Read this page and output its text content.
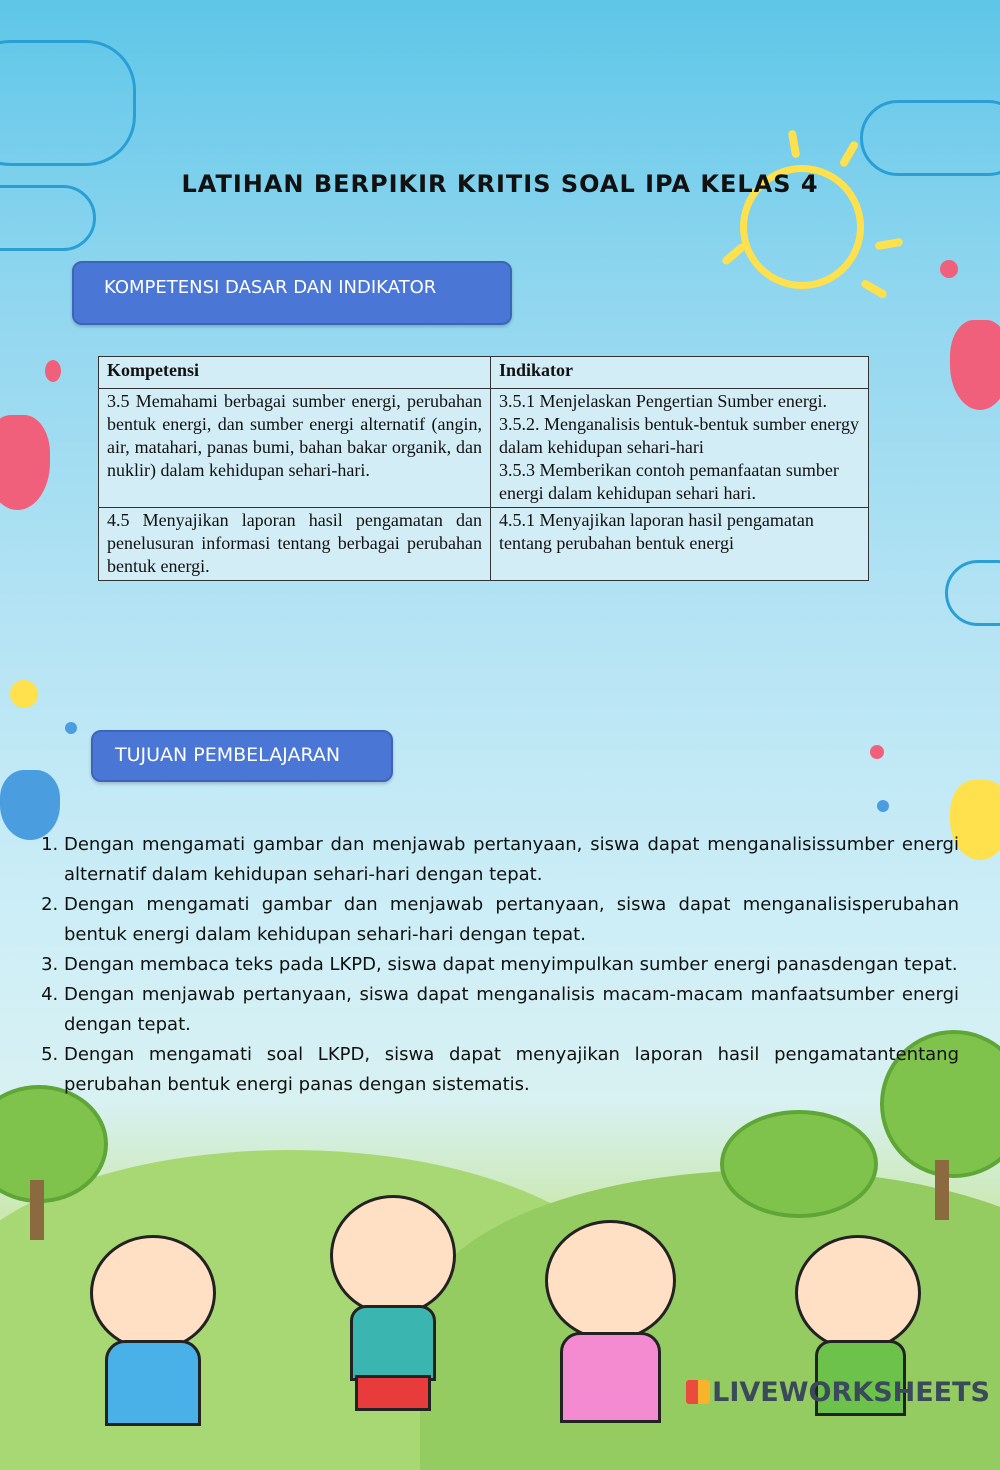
LATIHAN BERPIKIR KRITIS SOAL IPA KELAS 4
KOMPETENSI DASAR DAN INDIKATOR
Kompetensi	Indikator
3.5 Memahami berbagai sumber energi, perubahan bentuk energi, dan sumber energi alternatif (angin, air, matahari, panas bumi, bahan bakar organik, dan nuklir) dalam kehidupan sehari-hari.	3.5.1 Menjelaskan Pengertian Sumber energi.
3.5.2. Menganalisis bentuk-bentuk sumber energy dalam kehidupan sehari-hari
3.5.3 Memberikan contoh pemanfaatan sumber energi dalam kehidupan sehari hari.

4.5 Menyajikan laporan hasil pengamatan dan penelusuran informasi tentang berbagai perubahan bentuk energi.	4.5.1 Menyajikan laporan hasil pengamatan tentang perubahan bentuk energi
TUJUAN PEMBELAJARAN
1. Dengan mengamati gambar dan menjawab pertanyaan, siswa dapat menganalisissumber energi alternatif dalam kehidupan sehari-hari dengan tepat.
2. Dengan mengamati gambar dan menjawab pertanyaan, siswa dapat menganalisisperubahan bentuk energi dalam kehidupan sehari-hari dengan tepat.
3. Dengan membaca teks pada LKPD, siswa dapat menyimpulkan sumber energi panasdengan tepat.
4. Dengan menjawab pertanyaan, siswa dapat menganalisis macam-macam manfaatsumber energi dengan tepat.
5. Dengan mengamati soal LKPD, siswa dapat menyajikan laporan hasil pengamatantentang perubahan bentuk energi panas dengan sistematis.
LIVEWORKSHEETS
